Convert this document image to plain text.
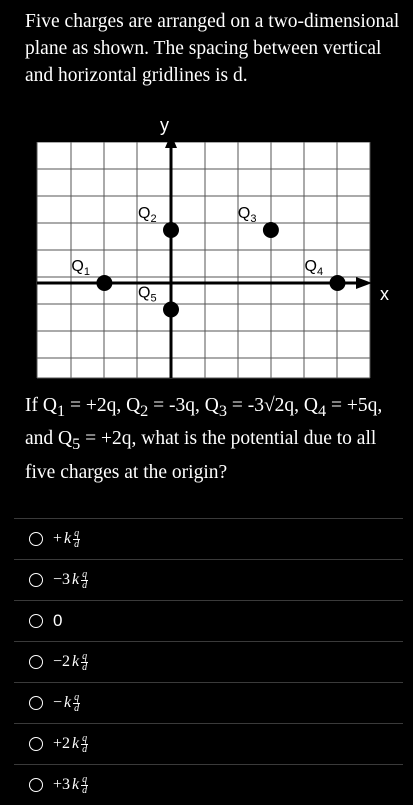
Five charges are arranged on a two-dimensional plane as shown. The spacing between vertical and horizontal gridlines is d.
y
x
$Q_1$
$Q_2$	$Q_3$
$Q_4$
$Q_5$
If $Q_1 = +2q$, $Q_2 = -3q$, $Q_3 = -3√2q$, $Q_4 = +5q$, and $Q_5 = +2q$, what is the potential due to all five charges at the origin?
+ k $\frac{q}{d}$
−3 k $\frac{q}{d}$
0
−2 k $\frac{q}{d}$
− k $\frac{q}{d}$
+2 k $\frac{q}{d}$
+3 k $\frac{q}{d}$
